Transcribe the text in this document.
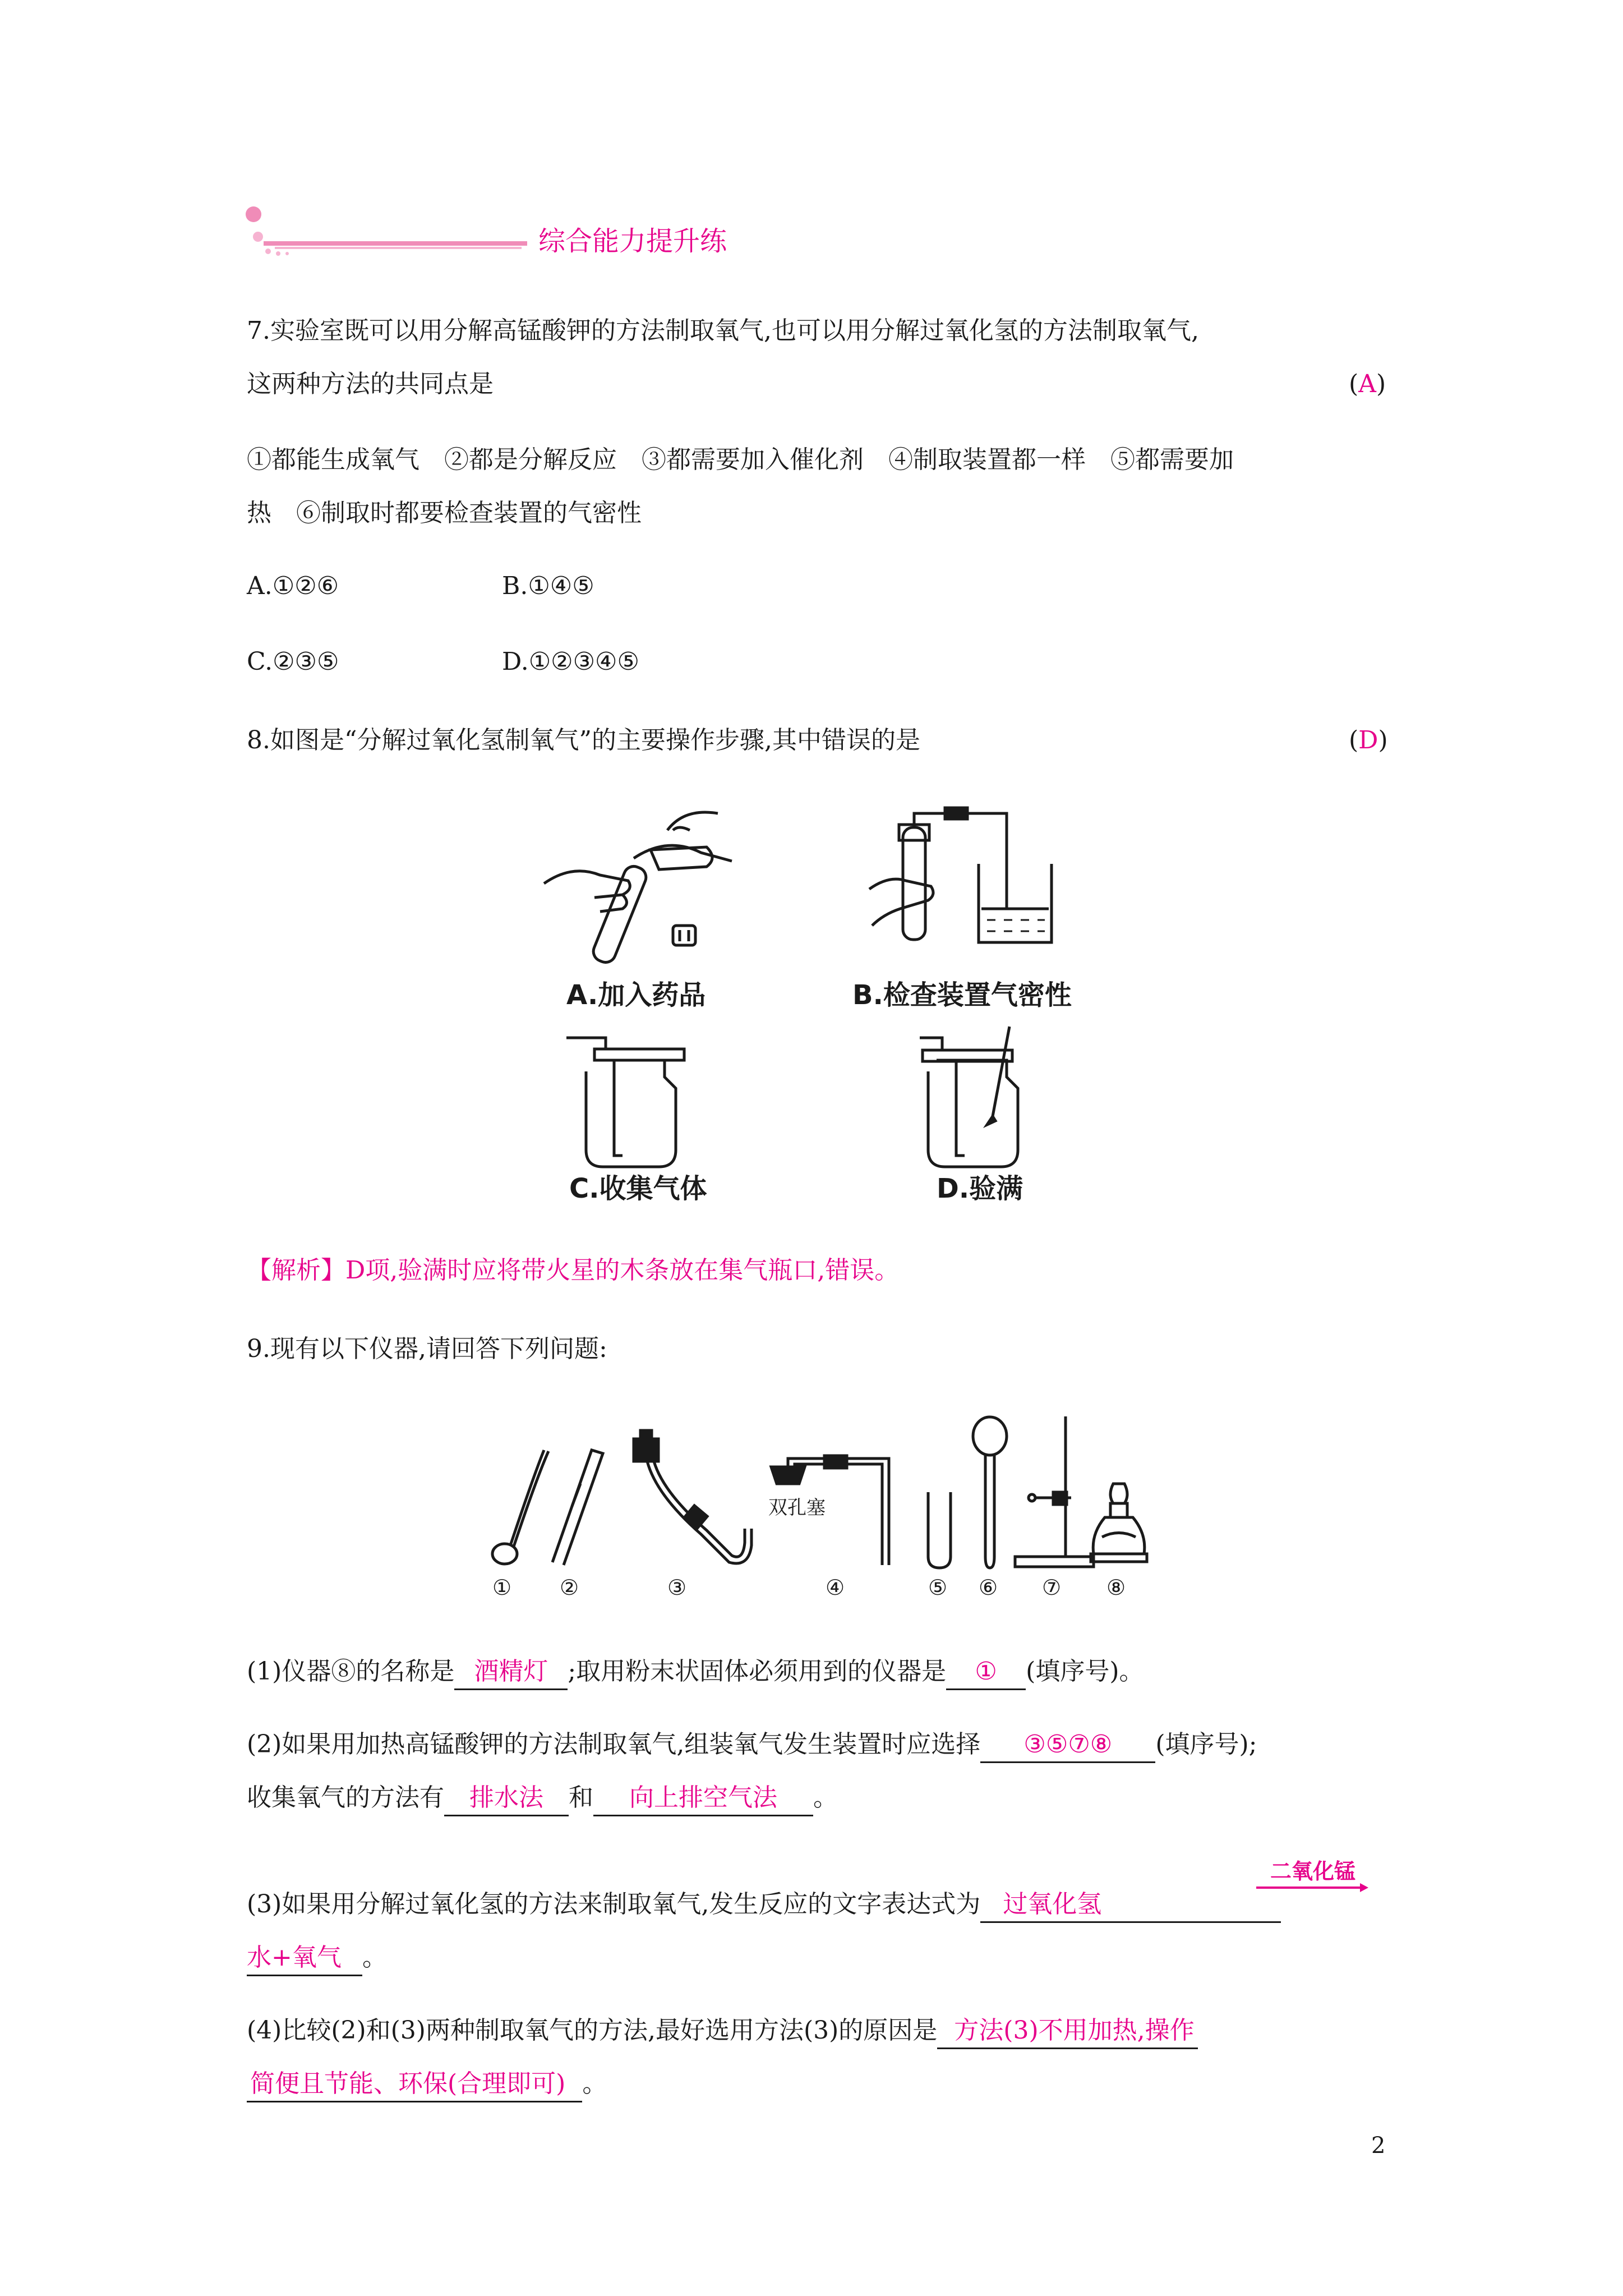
综合能力提升练
7.实验室既可以用分解高锰酸钾的方法制取氧气,也可以用分解过氧化氢的方法制取氧气,
这两种方法的共同点是	(A)
①都能生成氧气　②都是分解反应　③都需要加入催化剂　④制取装置都一样　⑤都需要加
热　⑥制取时都要检查装置的气密性
A.①②⑥	B.①④⑤
C.②③⑤	D.①②③④⑤
8.如图是“分解过氧化氢制氧气”的主要操作步骤,其中错误的是	(D)
A.加入药品	B.检查装置气密性
C.收集气体	D.验满
【解析】D项,验满时应将带火星的木条放在集气瓶口,错误。
9.现有以下仪器,请回答下列问题:
双孔塞
① ②	③	④	⑤ ⑥ ⑦ ⑧
(1)仪器⑧的名称是 酒精灯 ;取用粉末状固体必须用到的仪器是 ① (填序号)。
(2)如果用加热高锰酸钾的方法制取氧气,组装氧气发生装置时应选择 ③⑤⑦⑧ (填序号);
收集氧气的方法有 排水法 和 向上排空气法 。
二氧化锰
(3)如果用分解过氧化氢的方法来制取氧气,发生反应的文字表达式为 过氧化氢
水+氧气 。
(4)比较(2)和(3)两种制取氧气的方法,最好选用方法(3)的原因是 方法(3)不用加热,操作
简便且节能、环保(合理即可) 。
2
